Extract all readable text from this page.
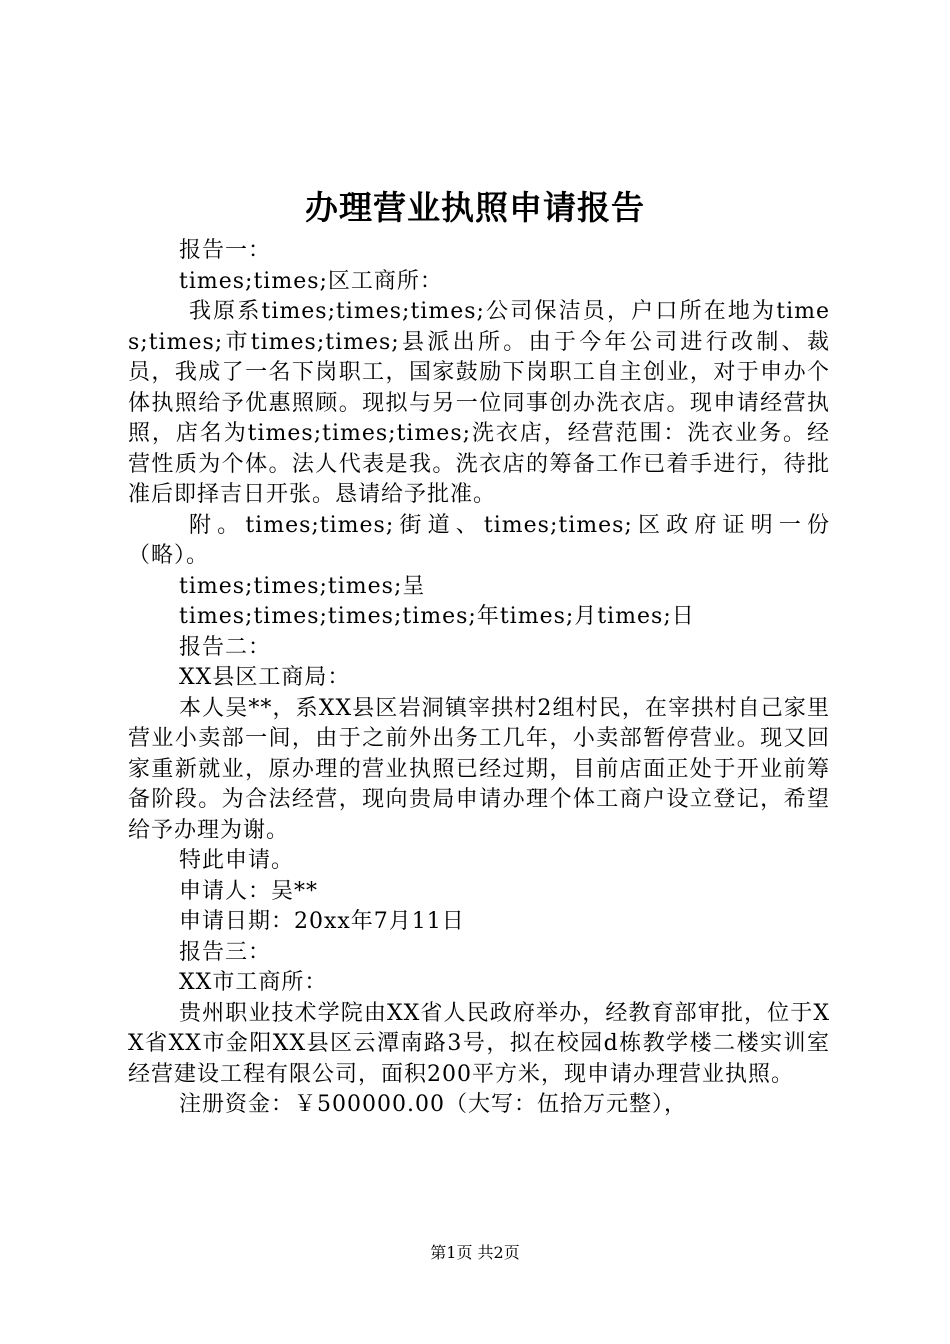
办理营业执照申请报告

报告一：

times;times;区工商所：

我原系times;times;times;公司保洁员，户口所在地为times;times;市times;times;县派出所。由于今年公司进行改制、裁员，我成了一名下岗职工，国家鼓励下岗职工自主创业，对于申办个体执照给予优惠照顾。现拟与另一位同事创办洗衣店。现申请经营执照，店名为times;times;times;洗衣店，经营范围：洗衣业务。经营性质为个体。法人代表是我。洗衣店的筹备工作已着手进行，待批准后即择吉日开张。恳请给予批准。

附。times;times;街道、times;times;区政府证明一份（略）。

times;times;times;呈

times;times;times;times;年times;月times;日

报告二：

XX县区工商局：

本人吴**，系XX县区岩洞镇宰拱村2组村民，在宰拱村自己家里营业小卖部一间，由于之前外出务工几年，小卖部暂停营业。现又回家重新就业，原办理的营业执照已经过期，目前店面正处于开业前筹备阶段。为合法经营，现向贵局申请办理个体工商户设立登记，希望给予办理为谢。

特此申请。

申请人：吴**

申请日期：20xx年7月11日

报告三：

XX市工商所：

贵州职业技术学院由XX省人民政府举办，经教育部审批，位于XX省XX市金阳XX县区云潭南路3号，拟在校园d栋教学楼二楼实训室经营建设工程有限公司，面积200平方米，现申请办理营业执照。

注册资金：￥500000.00（大写：伍拾万元整），

第1页 共2页
